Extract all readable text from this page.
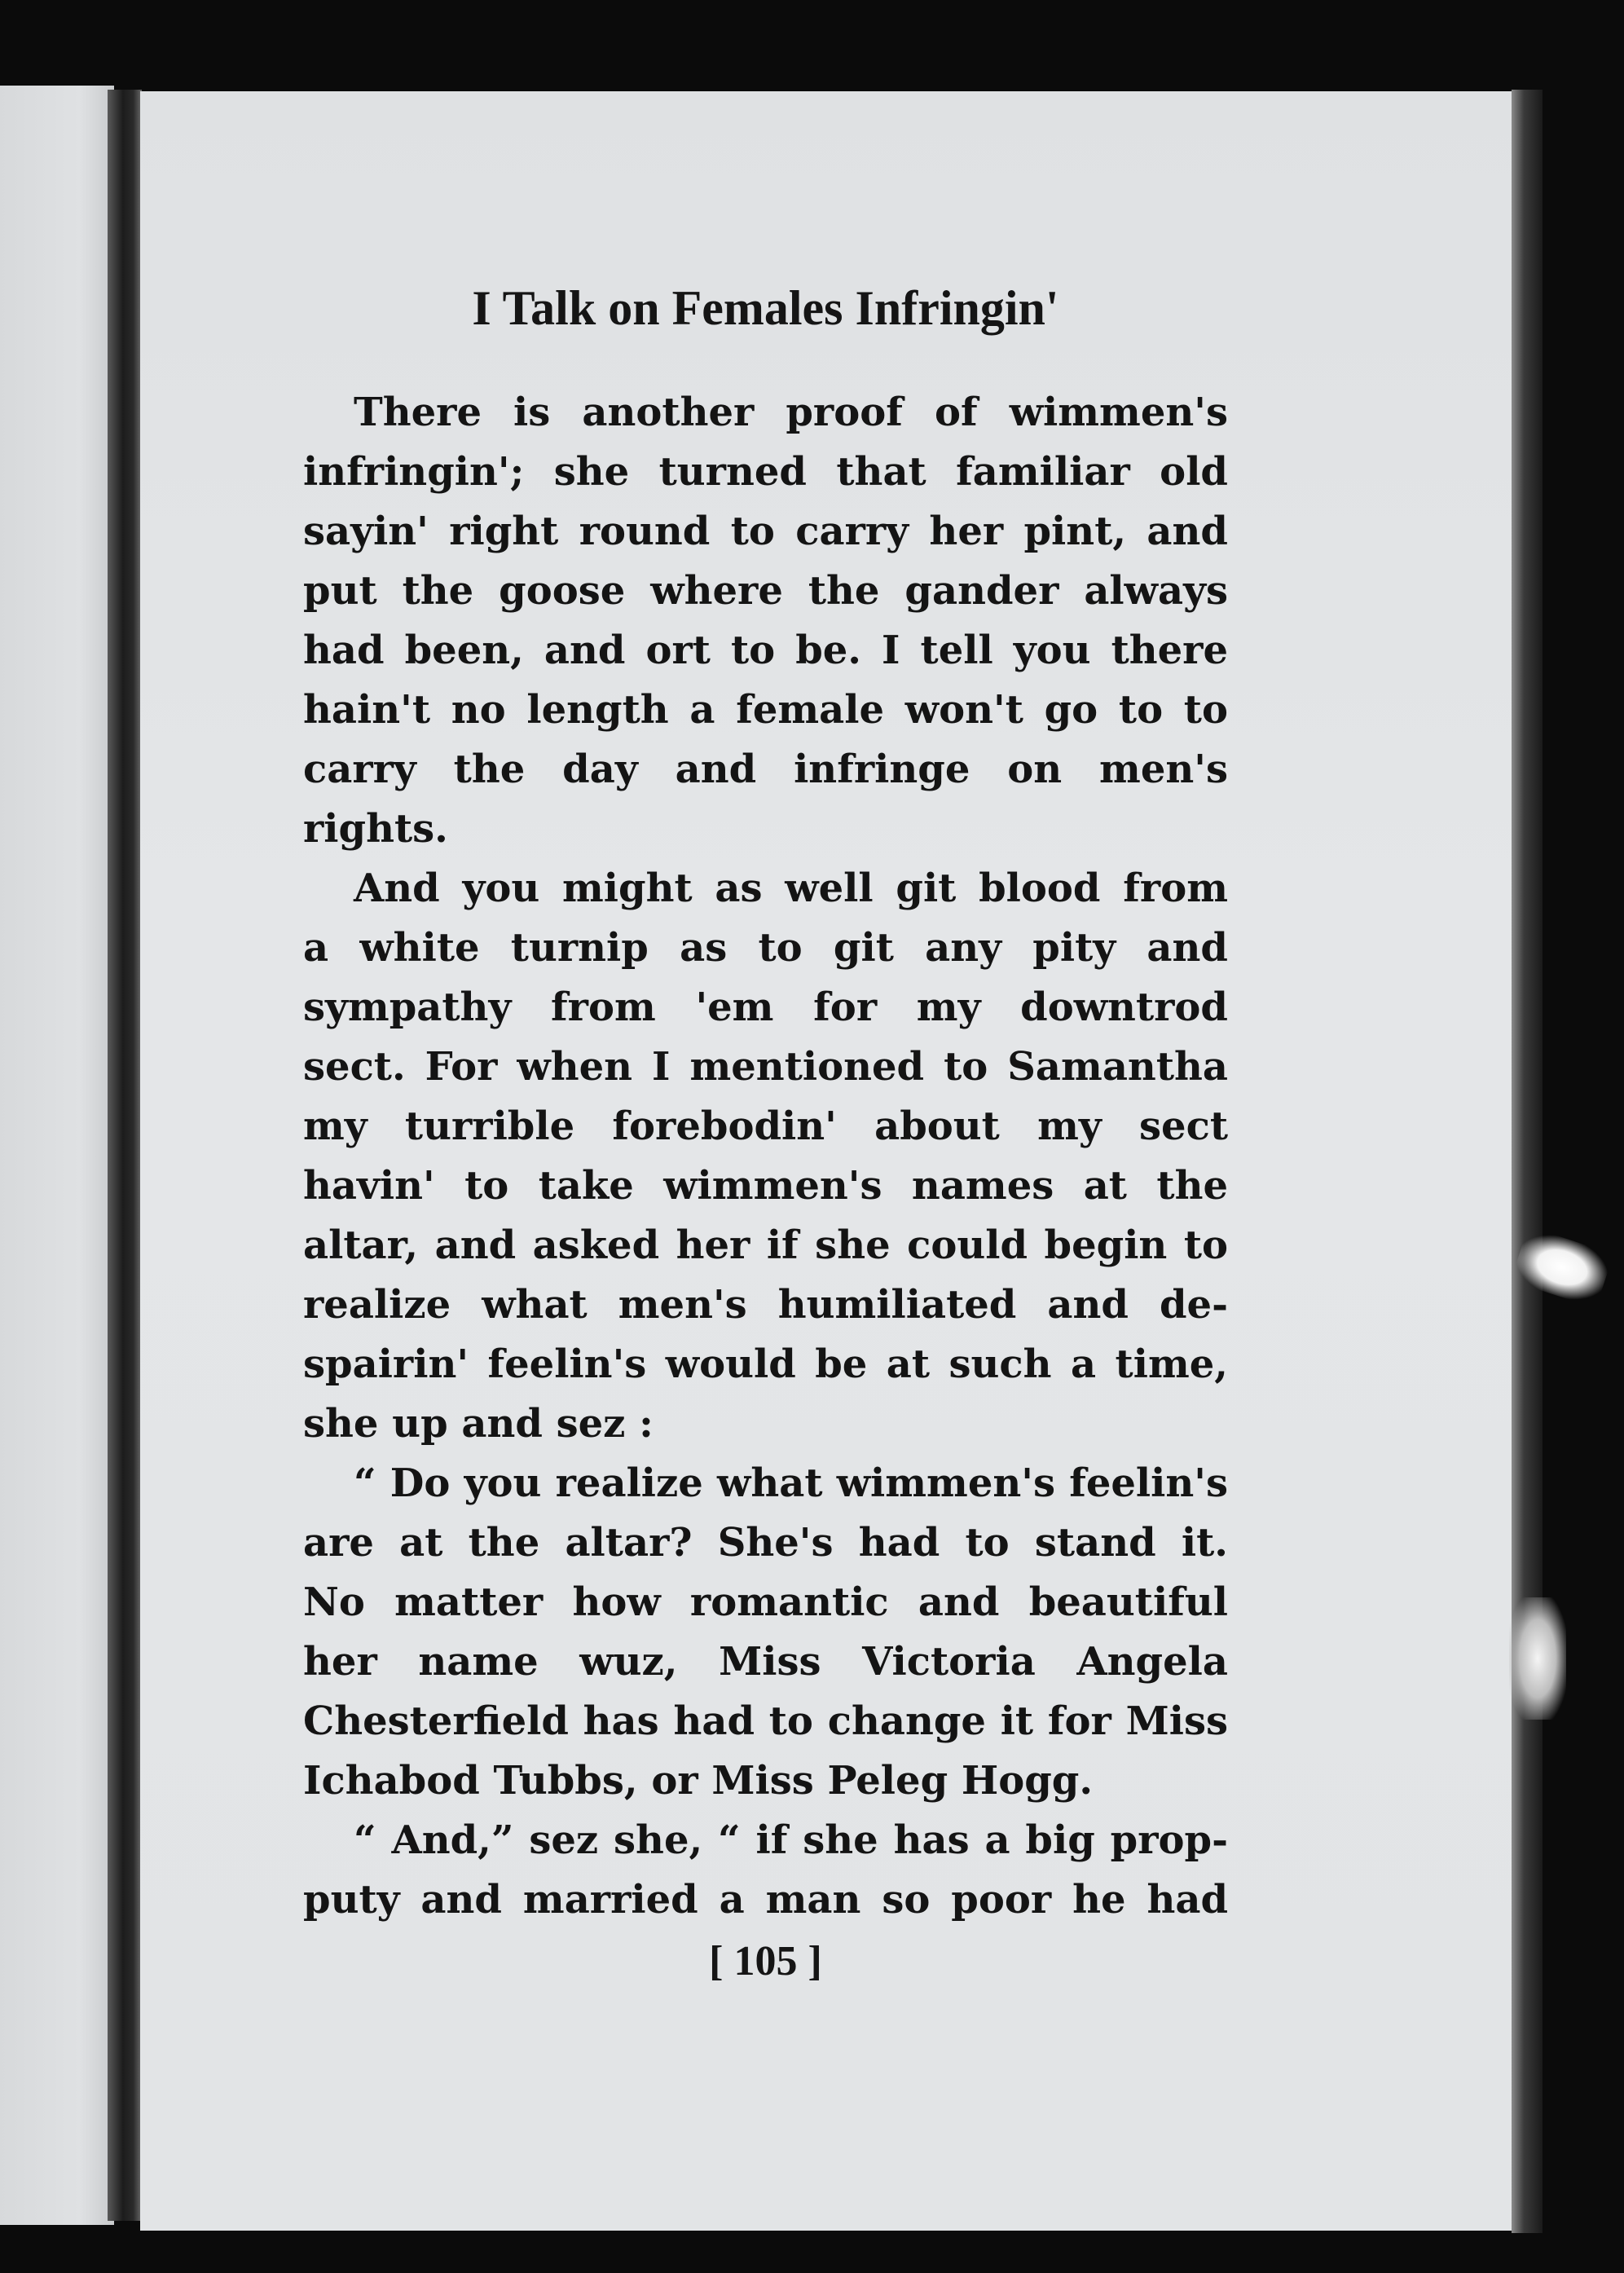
I Talk on Females Infringin'
There is another proof of wimmen's
infringin'; she turned that familiar old
sayin' right round to carry her pint, and
put the goose where the gander always
had been, and ort to be. I tell you there
hain't no length a female won't go to to
carry the day and infringe on men's
rights.
And you might as well git blood from
a white turnip as to git any pity and
sympathy from 'em for my downtrod
sect. For when I mentioned to Samantha
my turrible forebodin' about my sect
havin' to take wimmen's names at the
altar, and asked her if she could begin to
realize what men's humiliated and de-
spairin' feelin's would be at such a time,
she up and sez :
“ Do you realize what wimmen's feelin's
are at the altar? She's had to stand it.
No matter how romantic and beautiful
her name wuz, Miss Victoria Angela
Chesterfield has had to change it for Miss
Ichabod Tubbs, or Miss Peleg Hogg.
“ And,” sez she, “ if she has a big prop-
puty and married a man so poor he had
[ 105 ]
